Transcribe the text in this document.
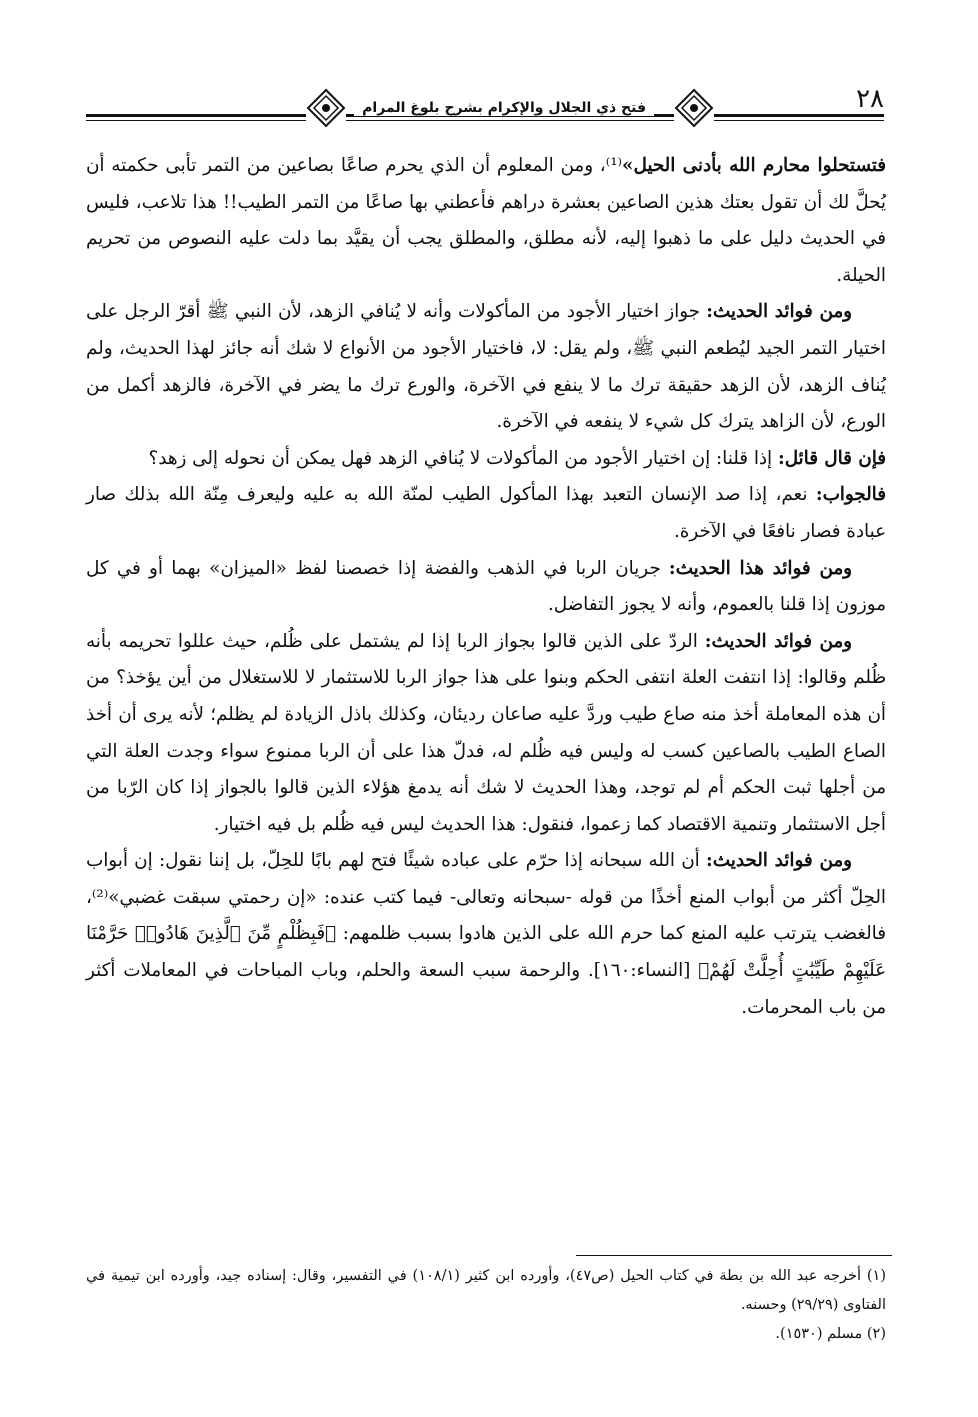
٢٨
فتح ذي الجلال والإكرام بشرح بلوغ المرام

فتستحلوا محارم الله بأدنى الحيل»⁽¹⁾، ومن المعلوم أن الذي يحرم صاعًا بصاعين من التمر تأبى حكمته أن يُحلَّ لك أن تقول بعتك هذين الصاعين بعشرة دراهم فأعطني بها صاعًا من التمر الطيب!! هذا تلاعب، فليس في الحديث دليل على ما ذهبوا إليه، لأنه مطلق، والمطلق يجب أن يقيَّد بما دلت عليه النصوص من تحريم الحيلة.

ومن فوائد الحديث: جواز اختيار الأجود من المأكولات وأنه لا يُنافي الزهد، لأن النبي ﷺ أقرّ الرجل على اختيار التمر الجيد ليُطعم النبي ﷺ، ولم يقل: لا، فاختيار الأجود من الأنواع لا شك أنه جائز لهذا الحديث، ولم يُناف الزهد، لأن الزهد حقيقة ترك ما لا ينفع في الآخرة، والورع ترك ما يضر في الآخرة، فالزهد أكمل من الورع، لأن الزاهد يترك كل شيء لا ينفعه في الآخرة.

فإن قال قائل: إذا قلنا: إن اختيار الأجود من المأكولات لا يُنافي الزهد فهل يمكن أن نحوله إلى زهد؟

فالجواب: نعم، إذا صد الإنسان التعبد بهذا المأكول الطيب لمنّة الله به عليه وليعرف مِنّة الله بذلك صار عبادة فصار نافعًا في الآخرة.

ومن فوائد هذا الحديث: جريان الربا في الذهب والفضة إذا خصصنا لفظ «الميزان» بهما أو في كل موزون إذا قلنا بالعموم، وأنه لا يجوز التفاضل.

ومن فوائد الحديث: الردّ على الذين قالوا بجواز الربا إذا لم يشتمل على ظُلم، حيث عللوا تحريمه بأنه ظُلم وقالوا: إذا انتفت العلة انتفى الحكم وبنوا على هذا جواز الربا للاستثمار لا للاستغلال من أين يؤخذ؟ من أن هذه المعاملة أخذ منه صاع طيب وردَّ عليه صاعان رديئان، وكذلك باذل الزيادة لم يظلم؛ لأنه يرى أن أخذ الصاع الطيب بالصاعين كسب له وليس فيه ظُلم له، فدلّ هذا على أن الربا ممنوع سواء وجدت العلة التي من أجلها ثبت الحكم أم لم توجد، وهذا الحديث لا شك أنه يدمغ هؤلاء الذين قالوا بالجواز إذا كان الرّبا من أجل الاستثمار وتنمية الاقتصاد كما زعموا، فنقول: هذا الحديث ليس فيه ظُلم بل فيه اختيار.

ومن فوائد الحديث: أن الله سبحانه إذا حرّم على عباده شيئًا فتح لهم بابًا للحِلّ، بل إننا نقول: إن أبواب الحِلّ أكثر من أبواب المنع أخذًا من قوله -سبحانه وتعالى- فيما كتب عنده: «إن رحمتي سبقت غضبي»⁽²⁾، فالغضب يترتب عليه المنع كما حرم الله على الذين هادوا بسبب ظلمهم: ﴿فَبِظُلْمٍ مِّنَ ٱلَّذِينَ هَادُوا۟ حَرَّمْنَا عَلَيْهِمْ طَيِّبَٰتٍ أُحِلَّتْ لَهُمْ﴾ [النساء:١٦٠]. والرحمة سبب السعة والحلم، وباب المباحات في المعاملات أكثر من باب المحرمات.

(١) أخرجه عبد الله بن بطة في كتاب الحيل (ص٤٧)، وأورده ابن كثير (١٠٨/١) في التفسير، وقال: إسناده جيد، وأورده ابن تيمية في الفتاوى (٢٩/٢٩) وحسنه.

(٢) مسلم (١٥٣٠).
